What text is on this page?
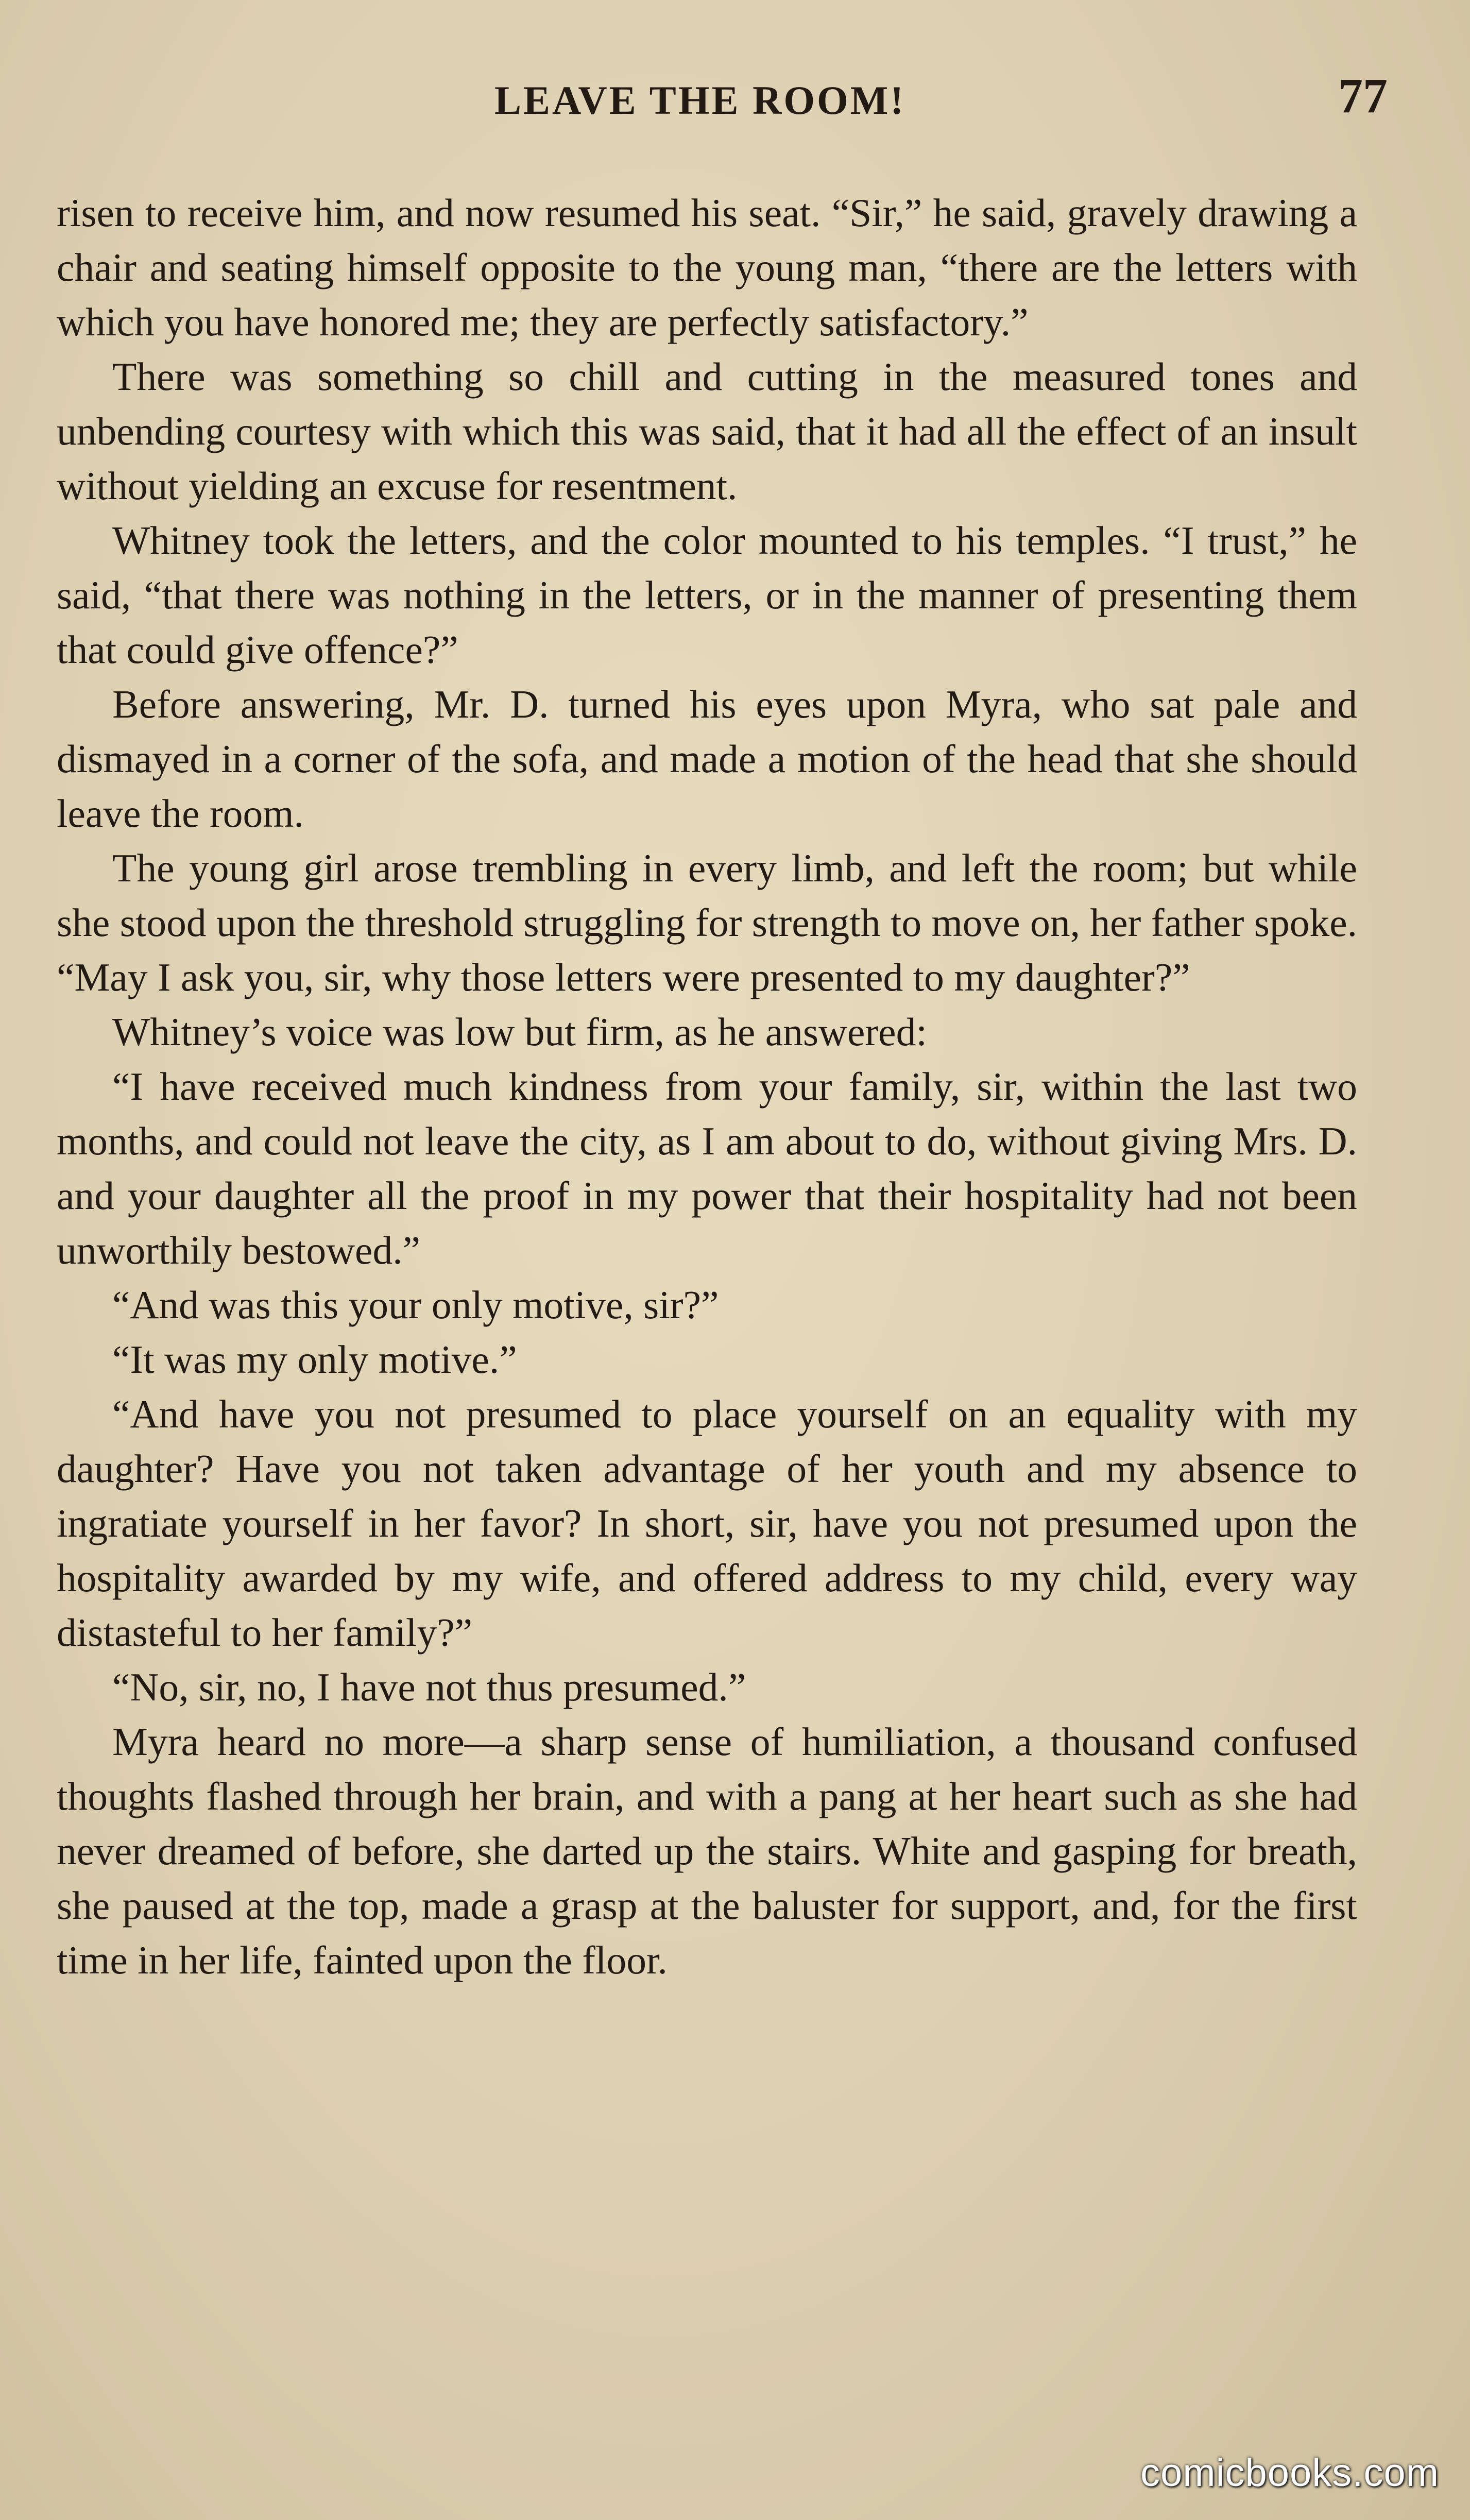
LEAVE THE ROOM!	77

risen to receive him, and now resumed his seat. “Sir,” he said, gravely drawing a chair and seating himself opposite to the young man, “there are the letters with which you have honored me; they are perfectly satisfactory.”

There was something so chill and cutting in the measured tones and unbending courtesy with which this was said, that it had all the effect of an insult without yielding an excuse for resentment.

Whitney took the letters, and the color mounted to his temples. “I trust,” he said, “that there was nothing in the letters, or in the manner of presenting them that could give offence?”

Before answering, Mr. D. turned his eyes upon Myra, who sat pale and dismayed in a corner of the sofa, and made a motion of the head that she should leave the room.

The young girl arose trembling in every limb, and left the room; but while she stood upon the threshold struggling for strength to move on, her father spoke. “May I ask you, sir, why those letters were presented to my daughter?”

Whitney’s voice was low but firm, as he answered:

“I have received much kindness from your family, sir, within the last two months, and could not leave the city, as I am about to do, without giving Mrs. D. and your daughter all the proof in my power that their hospitality had not been unworthily bestowed.”

“And was this your only motive, sir?”

“It was my only motive.”

“And have you not presumed to place yourself on an equality with my daughter? Have you not taken advantage of her youth and my absence to ingratiate yourself in her favor? In short, sir, have you not presumed upon the hospitality awarded by my wife, and offered address to my child, every way distasteful to her family?”

“No, sir, no, I have not thus presumed.”

Myra heard no more—a sharp sense of humiliation, a thousand confused thoughts flashed through her brain, and with a pang at her heart such as she had never dreamed of before, she darted up the stairs. White and gasping for breath, she paused at the top, made a grasp at the baluster for support, and, for the first time in her life, fainted upon the floor.

comicbooks.com
